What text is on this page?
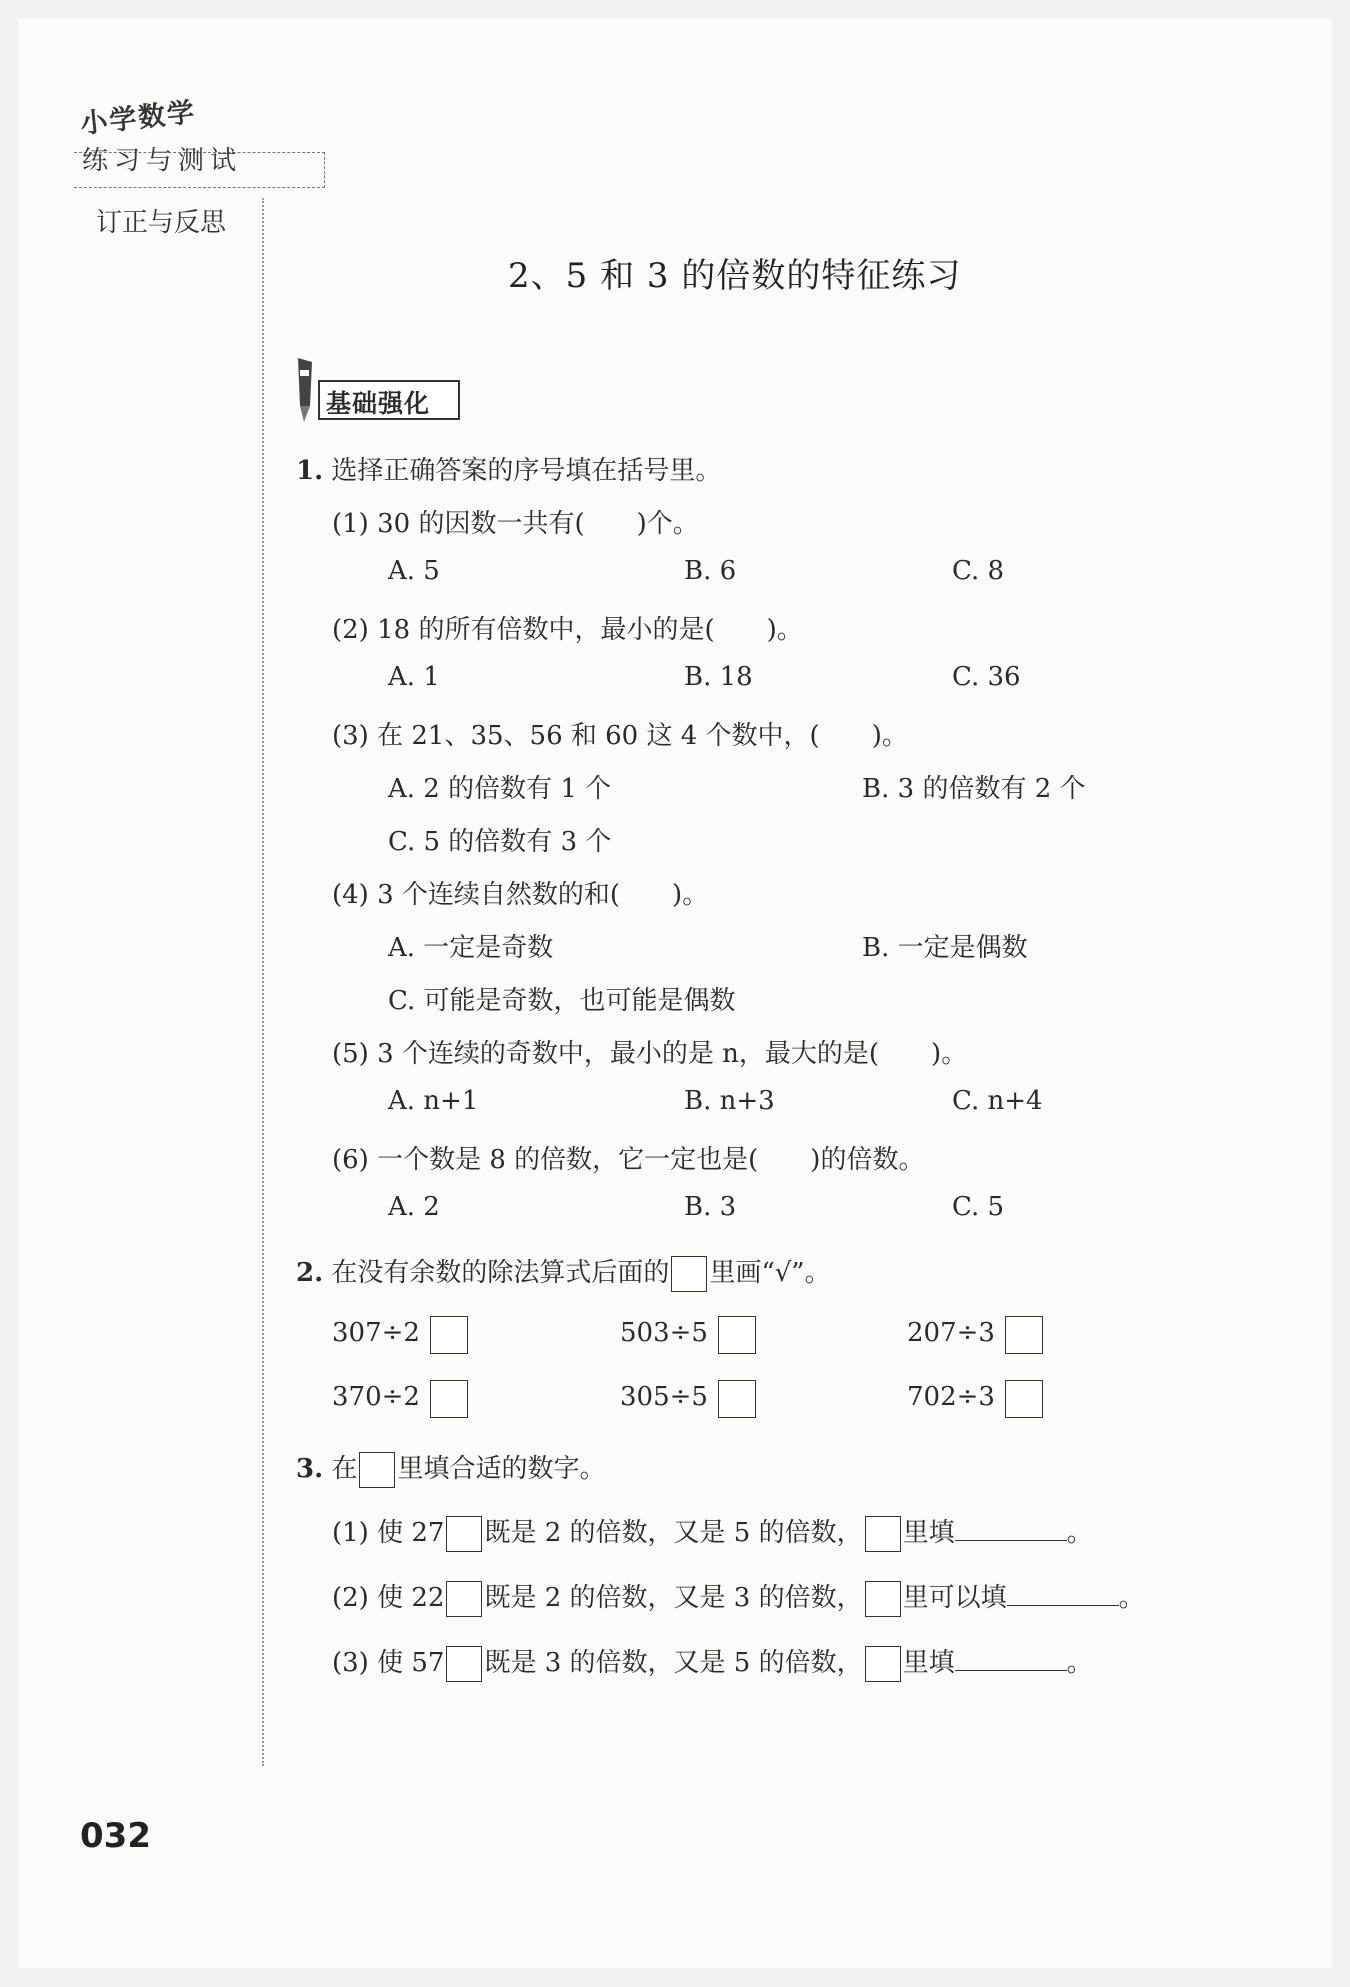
小学数学
练习与测试
订正与反思
2、5 和 3 的倍数的特征练习
基础强化
1. 选择正确答案的序号填在括号里。
(1) 30 的因数一共有(　　)个。
A. 5	B. 6	C. 8
(2) 18 的所有倍数中，最小的是(　　)。
A. 1	B. 18	C. 36
(3) 在 21、35、56 和 60 这 4 个数中，(　　)。
A. 2 的倍数有 1 个	B. 3 的倍数有 2 个
C. 5 的倍数有 3 个
(4) 3 个连续自然数的和(　　)。
A. 一定是奇数	B. 一定是偶数
C. 可能是奇数，也可能是偶数
(5) 3 个连续的奇数中，最小的是 n，最大的是(　　)。
A. n+1	B. n+3	C. n+4
(6) 一个数是 8 的倍数，它一定也是(　　)的倍数。
A. 2	B. 3	C. 5
2. 在没有余数的除法算式后面的 里画“√”。
307÷2	503÷5	207÷3
370÷2	305÷5	702÷3
3. 在 里填合适的数字。
(1) 使 27 既是 2 的倍数，又是 5 的倍数， 里填	。
(2) 使 22 既是 2 的倍数，又是 3 的倍数， 里可以填	。
(3) 使 57 既是 3 的倍数，又是 5 的倍数， 里填	。
032
